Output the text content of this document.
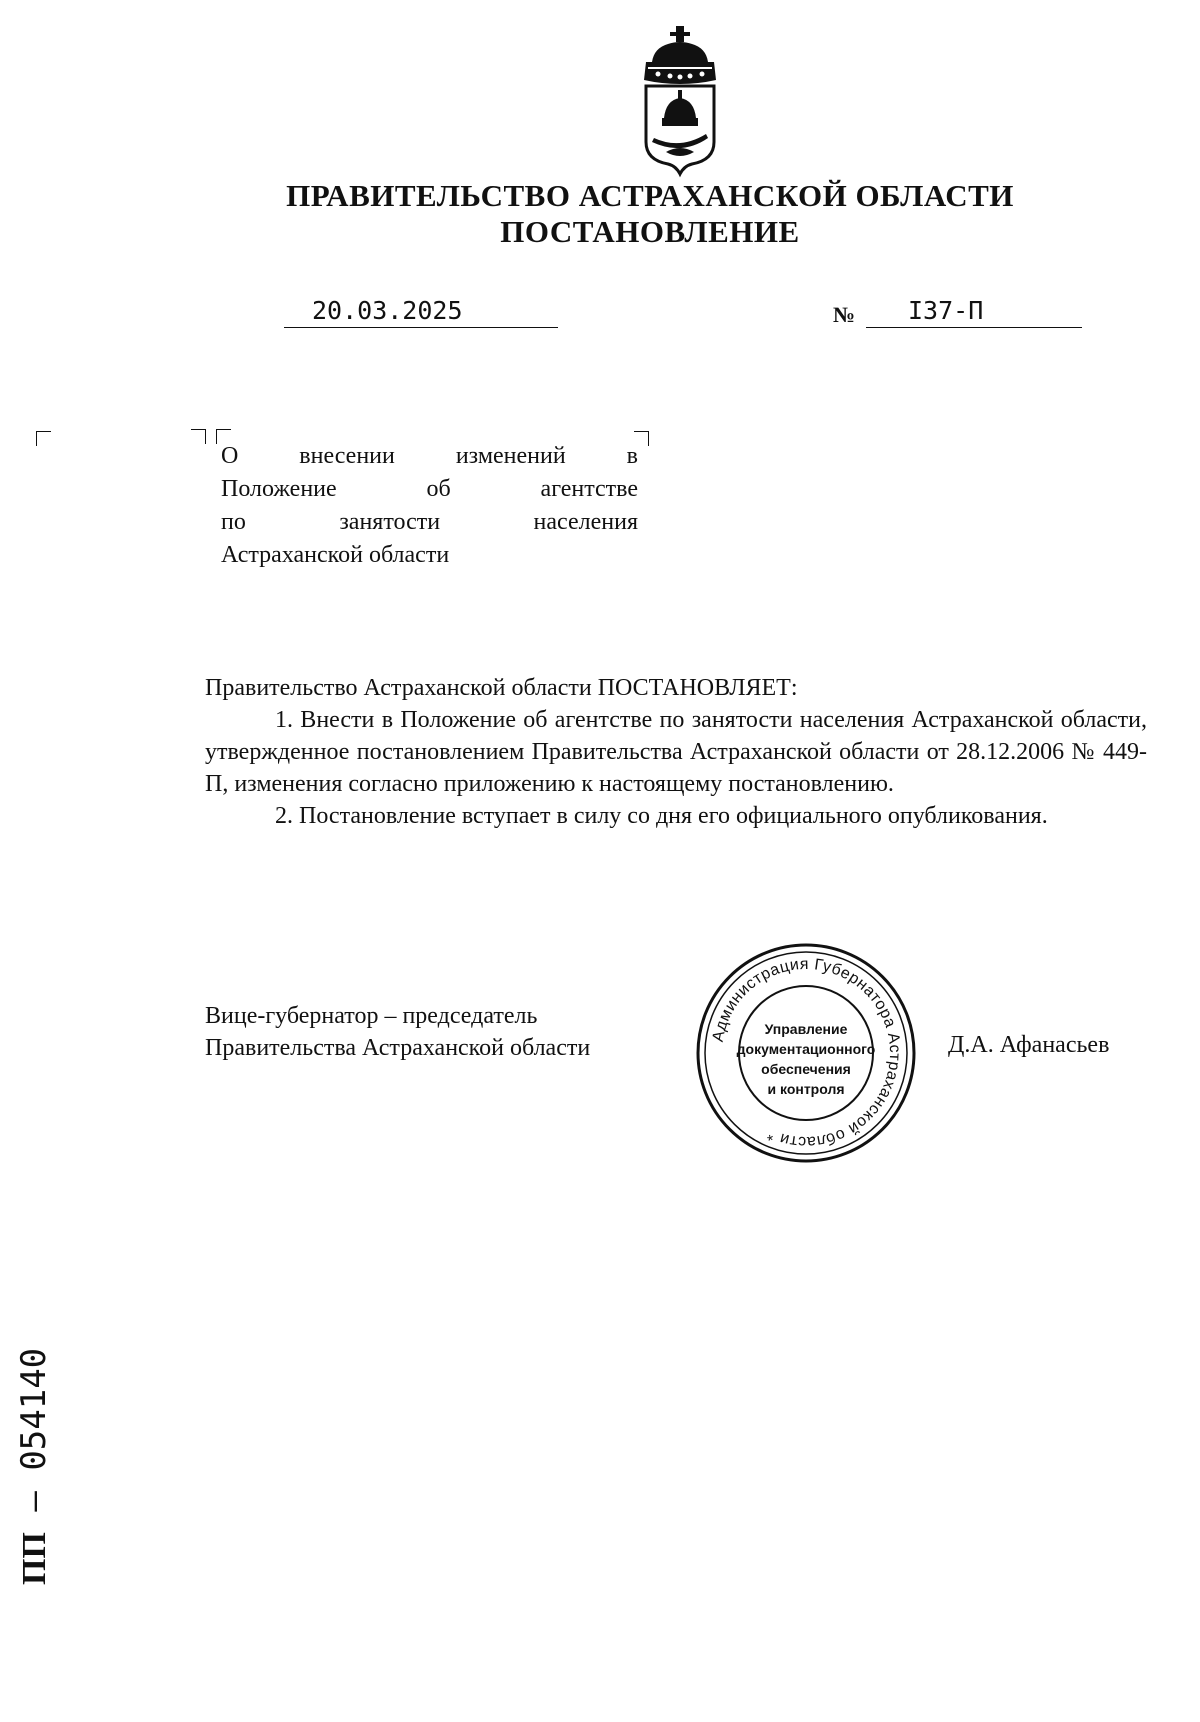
ПРАВИТЕЛЬСТВО АСТРАХАНСКОЙ ОБЛАСТИ
ПОСТАНОВЛЕНИЕ
20.03.2025	№	I37-П
О внесении изменений в
Положение об агентстве
по занятости населения
Астраханской области

Правительство Астраханской области ПОСТАНОВЛЯЕТ:

1. Внести в Положение об агентстве по занятости населения Астраханской области, утвержденное постановлением Правительства Астраханской области от 28.12.2006 № 449-П, изменения согласно приложению к настоящему постановлению.

2. Постановление вступает в силу со дня его официального опубликования.

Вице-губернатор – председатель
Правительства Астраханской области	Д.А. Афанасьев
Администрация Губернатора Астраханской области *
Управление
документационного
обеспечения
и контроля
ПП – 054140
